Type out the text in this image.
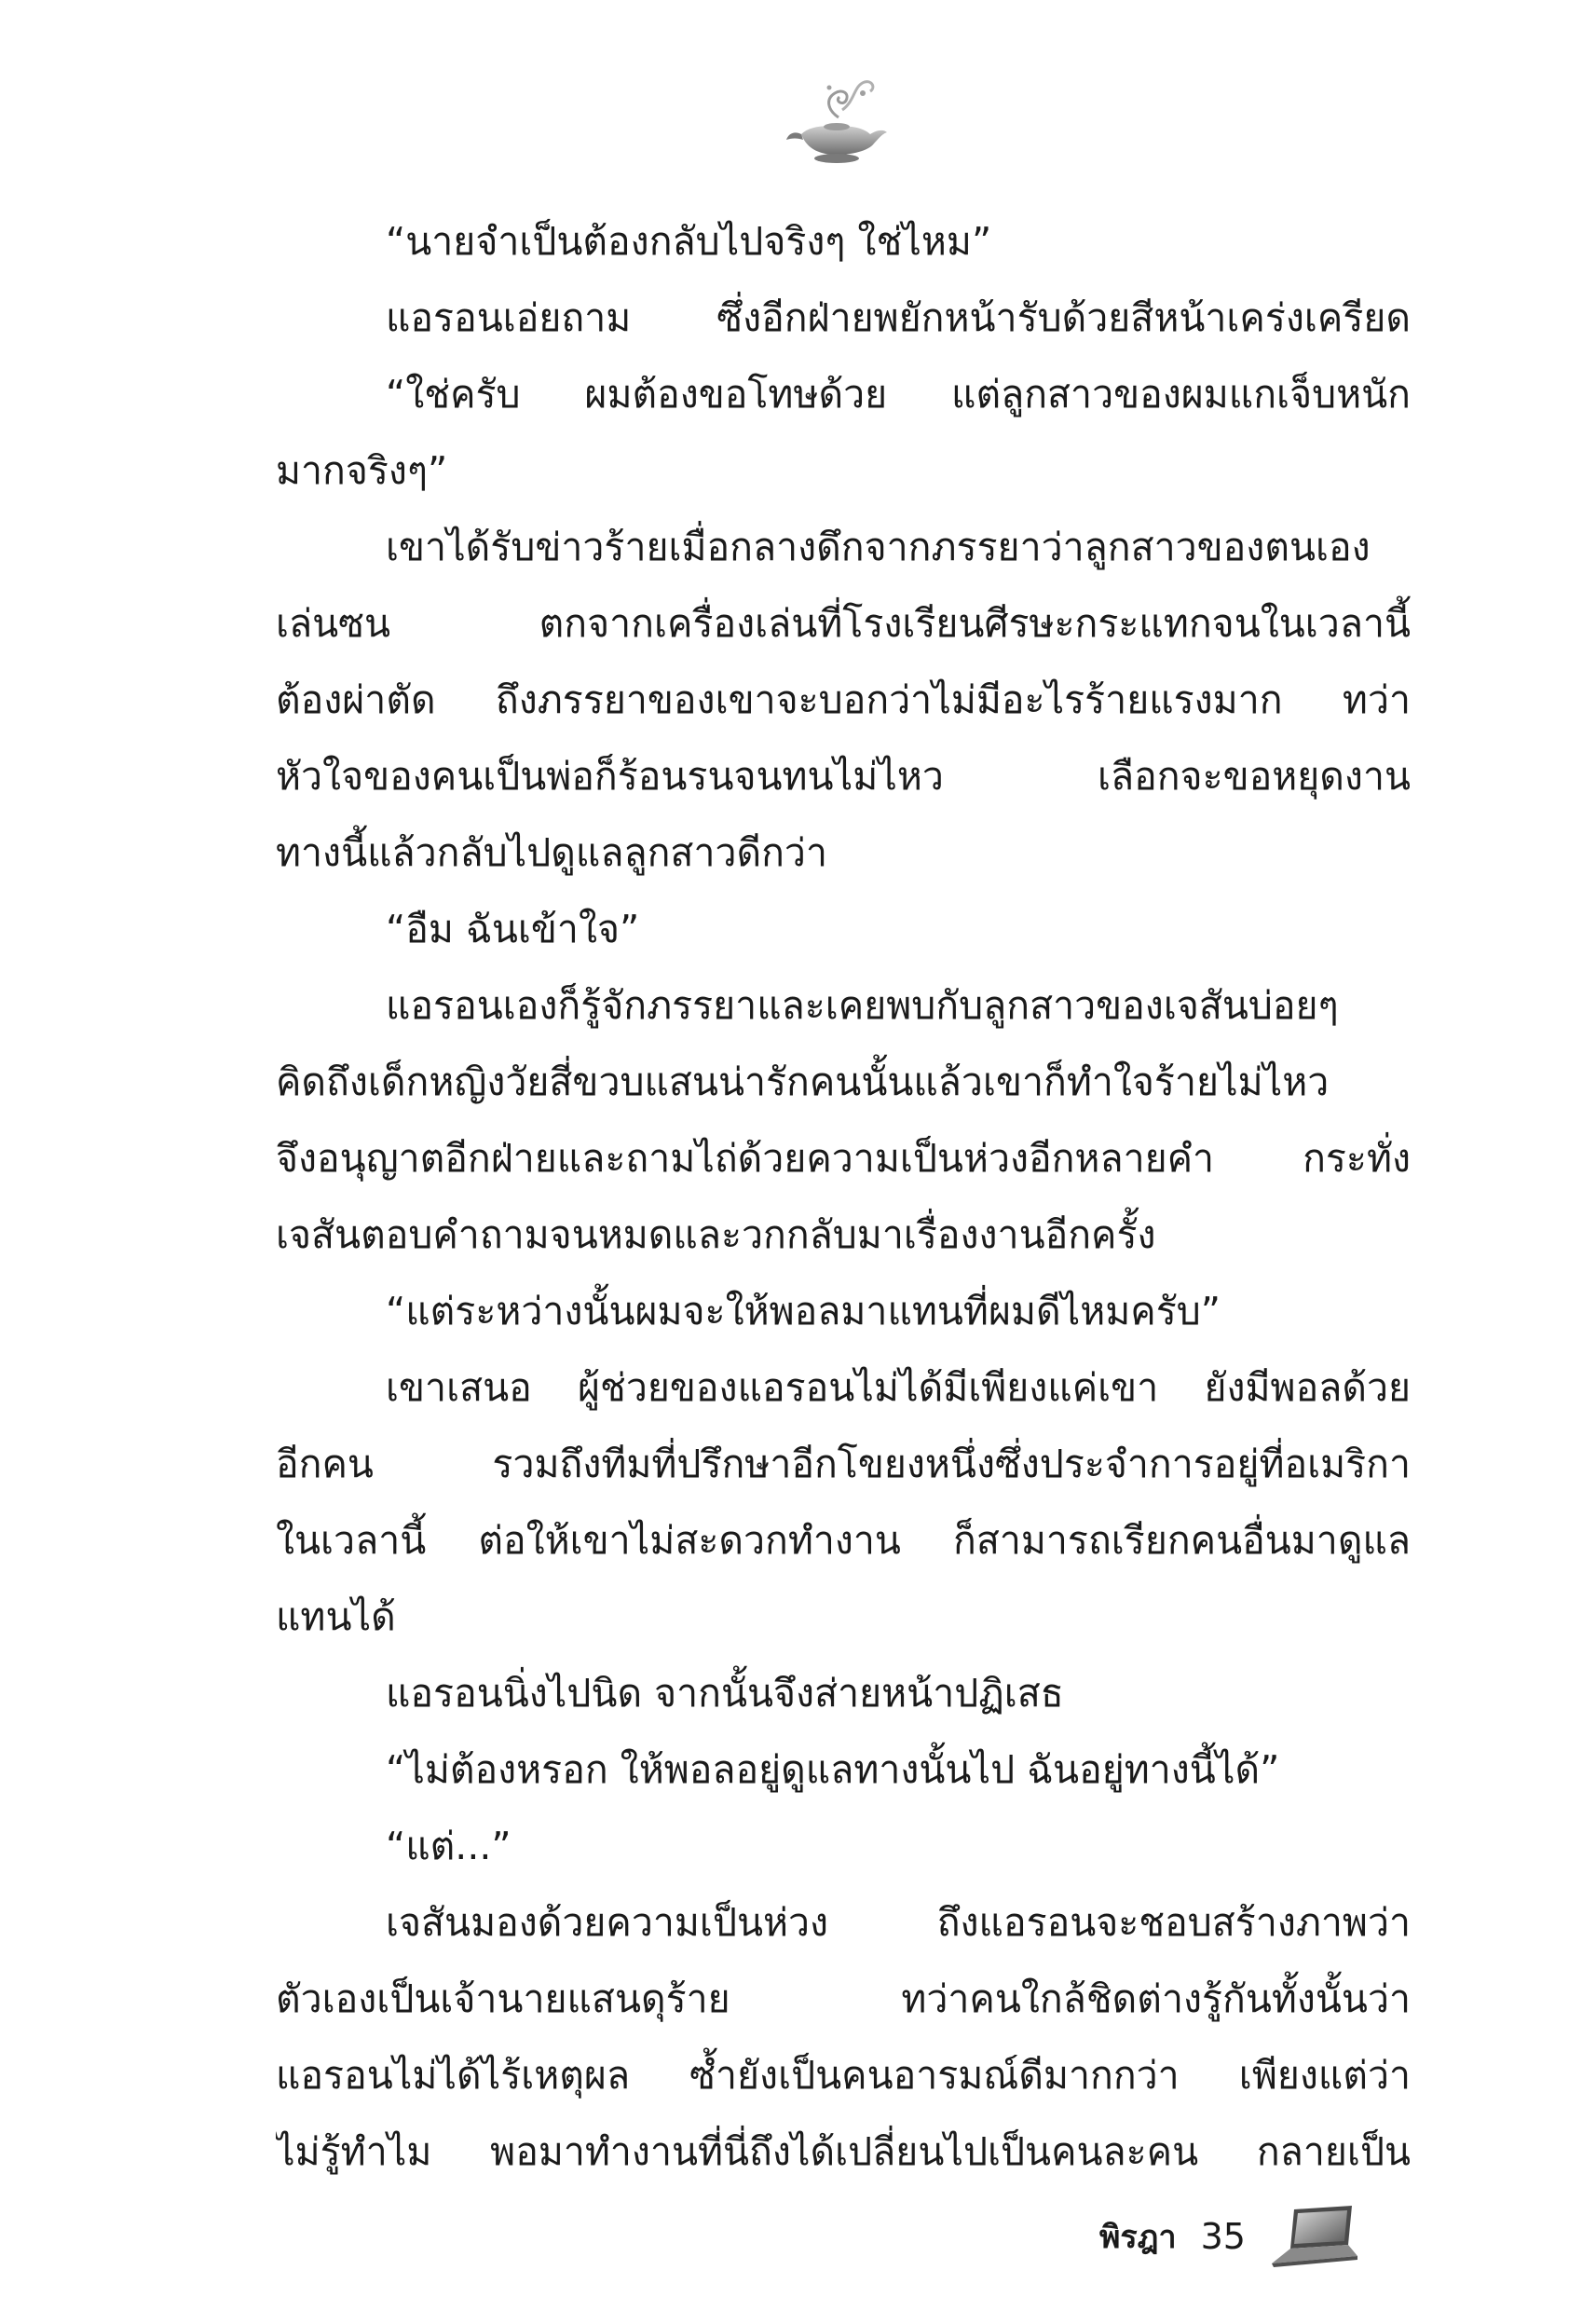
“นายจำเป็นต้องกลับไปจริงๆ ใช่ไหม”
แอรอนเอ่ยถาม ซึ่งอีกฝ่ายพยักหน้ารับด้วยสีหน้าเคร่งเครียด
“ใช่ครับ ผมต้องขอโทษด้วย แต่ลูกสาวของผมแกเจ็บหนัก
มากจริงๆ”
เขาได้รับข่าวร้ายเมื่อกลางดึกจากภรรยาว่าลูกสาวของตนเอง
เล่นซน ตกจากเครื่องเล่นที่โรงเรียนศีรษะกระแทกจนในเวลานี้
ต้องผ่าตัด ถึงภรรยาของเขาจะบอกว่าไม่มีอะไรร้ายแรงมาก ทว่า
หัวใจของคนเป็นพ่อก็ร้อนรนจนทนไม่ไหว เลือกจะขอหยุดงาน
ทางนี้แล้วกลับไปดูแลลูกสาวดีกว่า
“อืม ฉันเข้าใจ”
แอรอนเองก็รู้จักภรรยาและเคยพบกับลูกสาวของเจสันบ่อยๆ
คิดถึงเด็กหญิงวัยสี่ขวบแสนน่ารักคนนั้นแล้วเขาก็ทำใจร้ายไม่ไหว
จึงอนุญาตอีกฝ่ายและถามไถ่ด้วยความเป็นห่วงอีกหลายคำ กระทั่ง
เจสันตอบคำถามจนหมดและวกกลับมาเรื่องงานอีกครั้ง
“แต่ระหว่างนั้นผมจะให้พอลมาแทนที่ผมดีไหมครับ”
เขาเสนอ ผู้ช่วยของแอรอนไม่ได้มีเพียงแค่เขา ยังมีพอลด้วย
อีกคน รวมถึงทีมที่ปรึกษาอีกโขยงหนึ่งซึ่งประจำการอยู่ที่อเมริกา
ในเวลานี้ ต่อให้เขาไม่สะดวกทำงาน ก็สามารถเรียกคนอื่นมาดูแล
แทนได้
แอรอนนิ่งไปนิด จากนั้นจึงส่ายหน้าปฏิเสธ
“ไม่ต้องหรอก ให้พอลอยู่ดูแลทางนั้นไป ฉันอยู่ทางนี้ได้”
“แต่...”
เจสันมองด้วยความเป็นห่วง ถึงแอรอนจะชอบสร้างภาพว่า
ตัวเองเป็นเจ้านายแสนดุร้าย ทว่าคนใกล้ชิดต่างรู้กันทั้งนั้นว่า
แอรอนไม่ได้ไร้เหตุผล ซ้ำยังเป็นคนอารมณ์ดีมากกว่า เพียงแต่ว่า
ไม่รู้ทำไม พอมาทำงานที่นี่ถึงได้เปลี่ยนไปเป็นคนละคน กลายเป็น
พิรฎา 35
